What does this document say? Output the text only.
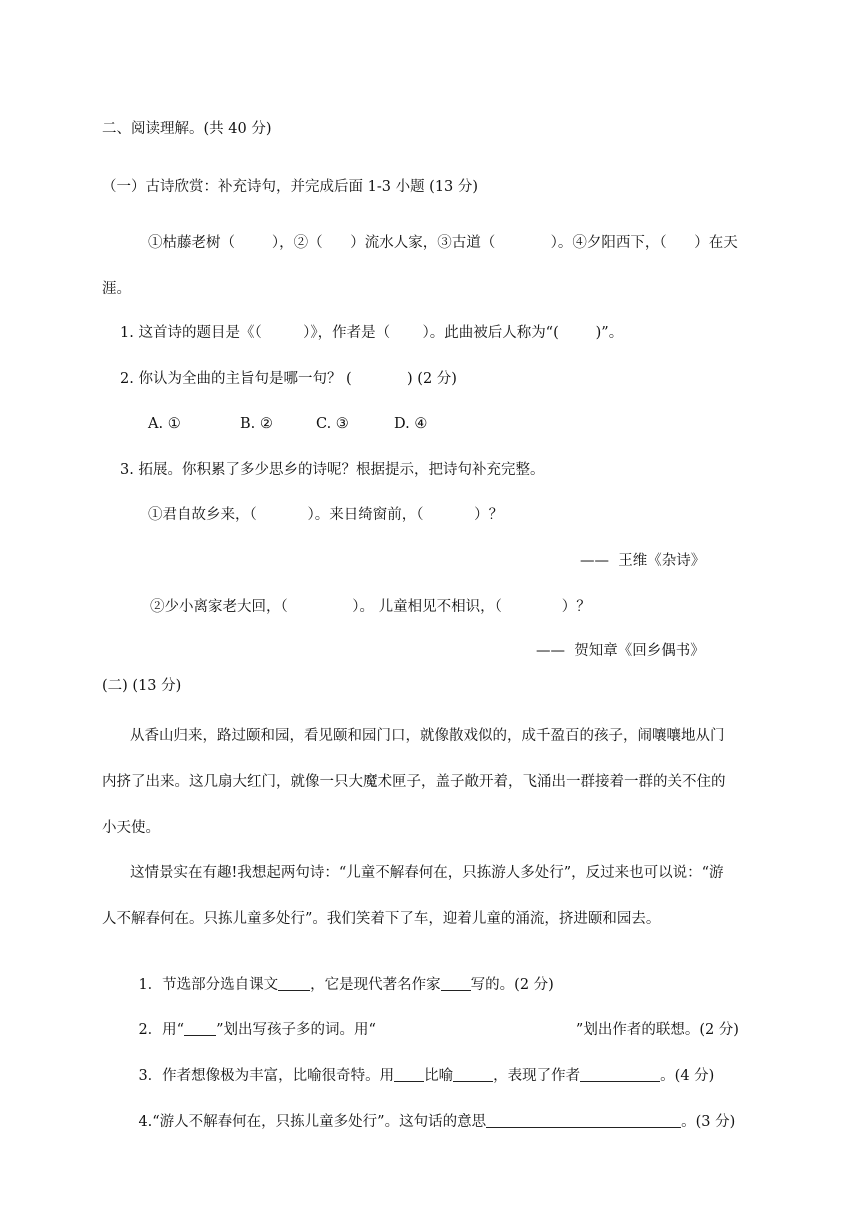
二、阅读理解。(共 40 分)
（一）古诗欣赏：补充诗句，并完成后面 1-3 小题 (13 分)
①枯藤老树（        ），②（      ）流水人家，③古道（            ）。④夕阳西下，（      ）在天
涯。
1. 这首诗的题目是《（         ）》，作者是（       ）。此曲被后人称为“(        )”。
2. 你认为全曲的主旨句是哪一句？ (            ) (2 分)
A. ①	B. ②	C. ③	D. ④
3. 拓展。你积累了多少思乡的诗呢？根据提示，把诗句补充完整。
①君自故乡来，（           ）。来日绮窗前，（           ）？
——  王维《杂诗》
②少小离家老大回，（              ）。 儿童相见不相识，（             ）？
——  贺知章《回乡偶书》
(二) (13 分)
从香山归来，路过颐和园，看见颐和园门口，就像散戏似的，成千盈百的孩子，闹嚷嚷地从门
内挤了出来。这几扇大红门，就像一只大魔术匣子，盖子敞开着，飞涌出一群接着一群的关不住的
小天使。
这情景实在有趣!我想起两句诗：“儿童不解春何在，只拣游人多处行”，反过来也可以说：“游
人不解春何在。只拣儿童多处行”。我们笑着下了车，迎着儿童的涌流，挤进颐和园去。

1．节选部分选自课文 ，它是现代著名作家 写的。(2 分)

2．用“ ”划出写孩子多的词。用“	”划出作者的联想。(2 分)

3．作者想像极为丰富，比喻很奇特。用 比喻	，表现了作者	。(4 分)

4.“游人不解春何在，只拣儿童多处行”。这句话的意思	。(3 分)
